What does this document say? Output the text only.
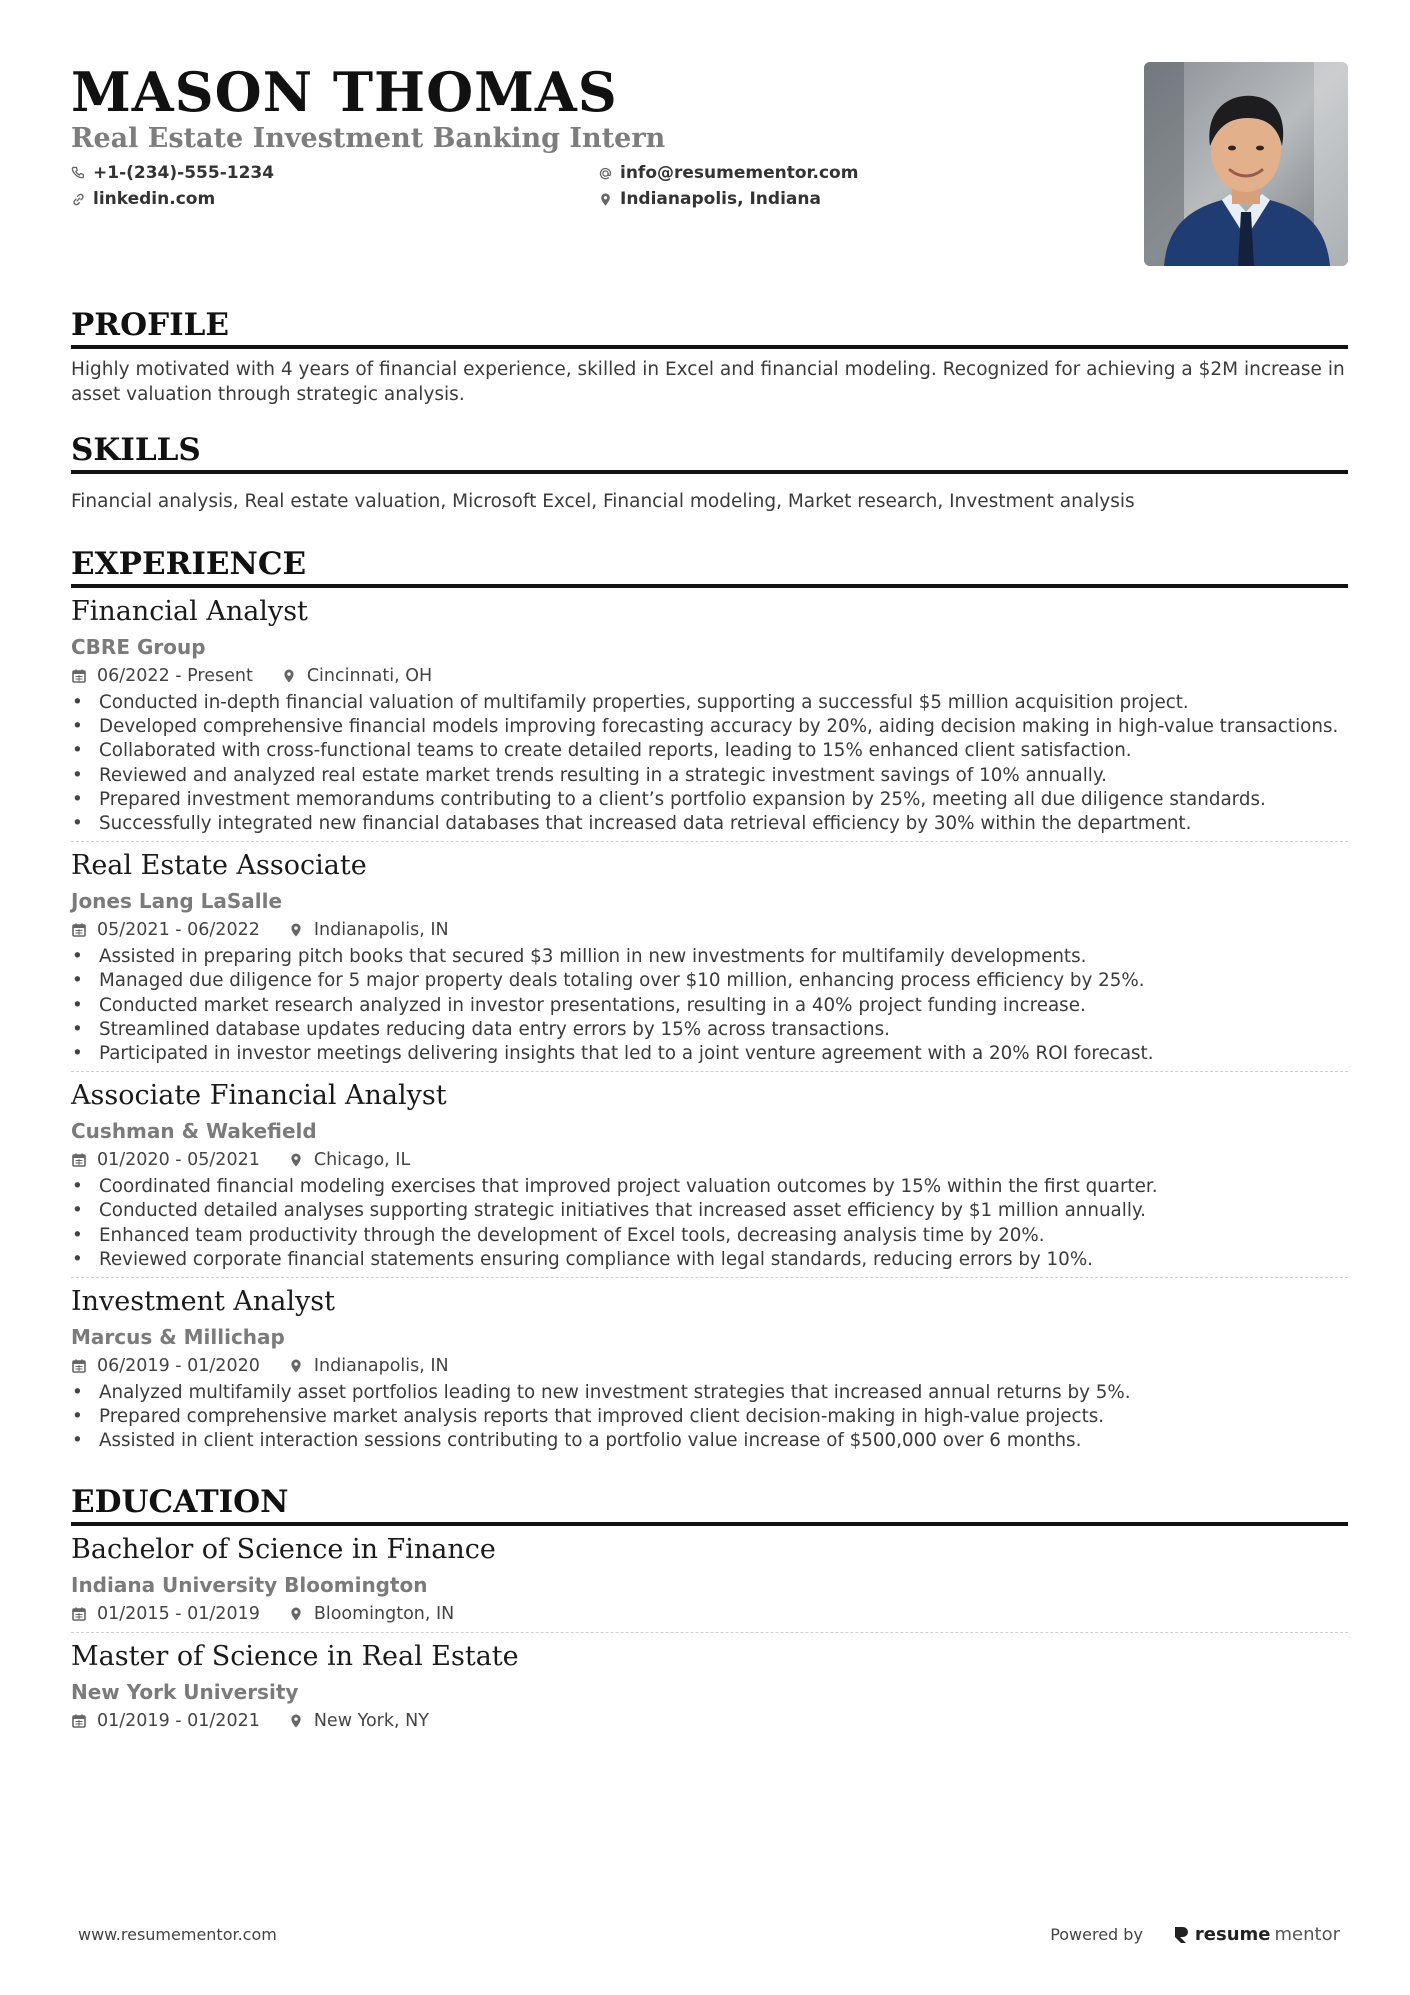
MASON THOMAS
Real Estate Investment Banking Intern
+1-(234)-555-1234	info@resumementor.com
linkedin.com	Indianapolis, Indiana
PROFILE
Highly motivated with 4 years of financial experience, skilled in Excel and financial modeling. Recognized for achieving a $2M increase in asset valuation through strategic analysis.
SKILLS
Financial analysis, Real estate valuation, Microsoft Excel, Financial modeling, Market research, Investment analysis
EXPERIENCE
Financial Analyst
CBRE Group
06/2022 - Present	Cincinnati, OH
• Conducted in-depth financial valuation of multifamily properties, supporting a successful $5 million acquisition project.
• Developed comprehensive financial models improving forecasting accuracy by 20%, aiding decision making in high-value transactions.
• Collaborated with cross-functional teams to create detailed reports, leading to 15% enhanced client satisfaction.
• Reviewed and analyzed real estate market trends resulting in a strategic investment savings of 10% annually.
• Prepared investment memorandums contributing to a client’s portfolio expansion by 25%, meeting all due diligence standards.
• Successfully integrated new financial databases that increased data retrieval efficiency by 30% within the department.
Real Estate Associate
Jones Lang LaSalle
05/2021 - 06/2022	Indianapolis, IN
• Assisted in preparing pitch books that secured $3 million in new investments for multifamily developments.
• Managed due diligence for 5 major property deals totaling over $10 million, enhancing process efficiency by 25%.
• Conducted market research analyzed in investor presentations, resulting in a 40% project funding increase.
• Streamlined database updates reducing data entry errors by 15% across transactions.
• Participated in investor meetings delivering insights that led to a joint venture agreement with a 20% ROI forecast.
Associate Financial Analyst
Cushman & Wakefield
01/2020 - 05/2021	Chicago, IL
• Coordinated financial modeling exercises that improved project valuation outcomes by 15% within the first quarter.
• Conducted detailed analyses supporting strategic initiatives that increased asset efficiency by $1 million annually.
• Enhanced team productivity through the development of Excel tools, decreasing analysis time by 20%.
• Reviewed corporate financial statements ensuring compliance with legal standards, reducing errors by 10%.
Investment Analyst
Marcus & Millichap
06/2019 - 01/2020	Indianapolis, IN
• Analyzed multifamily asset portfolios leading to new investment strategies that increased annual returns by 5%.
• Prepared comprehensive market analysis reports that improved client decision-making in high-value projects.
• Assisted in client interaction sessions contributing to a portfolio value increase of $500,000 over 6 months.
EDUCATION
Bachelor of Science in Finance
Indiana University Bloomington
01/2015 - 01/2019	Bloomington, IN
Master of Science in Real Estate
New York University
01/2019 - 01/2021	New York, NY
www.resumementor.com	Powered by	resume mentor
